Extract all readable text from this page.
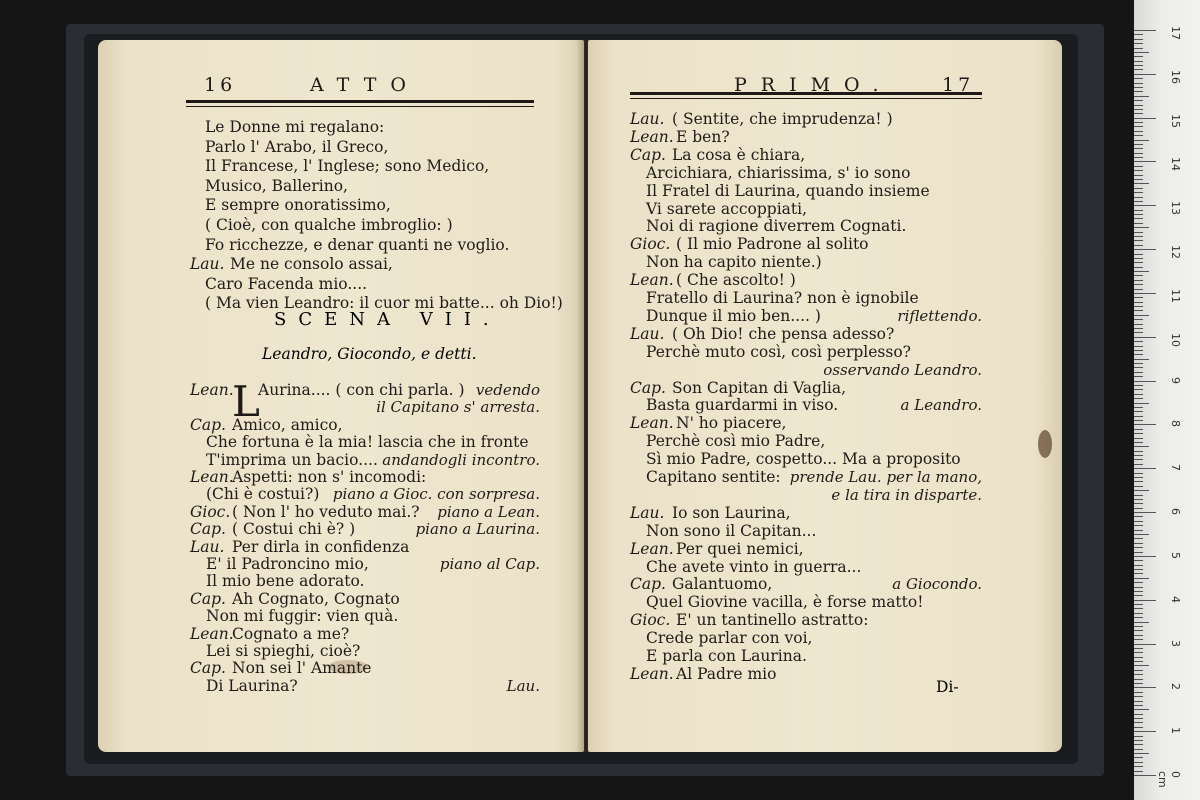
16	ATTO
SCENA VII.
Leandro, Giocondo, e detti.
L
PRIMO.	17
Di-
17
16
15
14
13
12
11
10
9
8
7
6
5
4
3
2
1
0 cm
Le Donne mi regalano:
Parlo l' Arabo, il Greco,
Il Francese, l' Inglese; sono Medico,
Musico, Ballerino,
E sempre onoratissimo,
( Cioè, con qualche imbroglio: )
Fo ricchezze, e denar quanti ne voglio.
Lau. Me ne consolo assai,
Caro Facenda mio....
( Ma vien Leandro: il cuor mi batte... oh Dio!)
Lean. Aurina.... ( con chi parla. ) vedendo
il Capitano s' arresta.
Cap. Amico, amico,
Che fortuna è la mia! lascia che in fronte
T'imprima un bacio.... andandogli incontro.
Lean.
Aspetti: non s' incomodi:
(Chi è costui?) piano a Gioc. con sorpresa.
Gioc. ( Non l' ho veduto mai.? piano a Lean.
Cap. ( Costui chi è? )	piano a Laurina.
Lau. Per dirla in confidenza
E' il Padroncino mio,	piano al Cap.
Il mio bene adorato.
Cap. Ah Cognato, Cognato
Non mi fuggir: vien quà.
Lean.
Cognato a me?
Lei si spieghi, cioè?
Cap. Non sei l' Amante
Di Laurina?	Lau.
Lau. ( Sentite, che imprudenza! )
Lean. E ben?
Cap. La cosa è chiara,
Arcichiara, chiarissima, s' io sono
Il Fratel di Laurina, quando insieme
Vi sarete accoppiati,
Noi di ragione diverrem Cognati.
Gioc. ( Il mio Padrone al solito
Non ha capito niente.)
Lean. ( Che ascolto! )
Fratello di Laurina? non è ignobile
Dunque il mio ben.... )	riflettendo.
Lau. ( Oh Dio! che pensa adesso?
Perchè muto così, così perplesso?
osservando Leandro.
Cap. Son Capitan di Vaglia,
Basta guardarmi in viso.	a Leandro.
Lean. N' ho piacere,
Perchè così mio Padre,
Sì mio Padre, cospetto... Ma a proposito
Capitano sentite: prende Lau. per la mano,
e la tira in disparte.
Lau. Io son Laurina,
Non sono il Capitan...
Lean. Per quei nemici,
Che avete vinto in guerra...
Cap. Galantuomo,	a Giocondo.
Quel Giovine vacilla, è forse matto!
Gioc. E' un tantinello astratto:
Crede parlar con voi,
E parla con Laurina.
Lean. Al Padre mio
